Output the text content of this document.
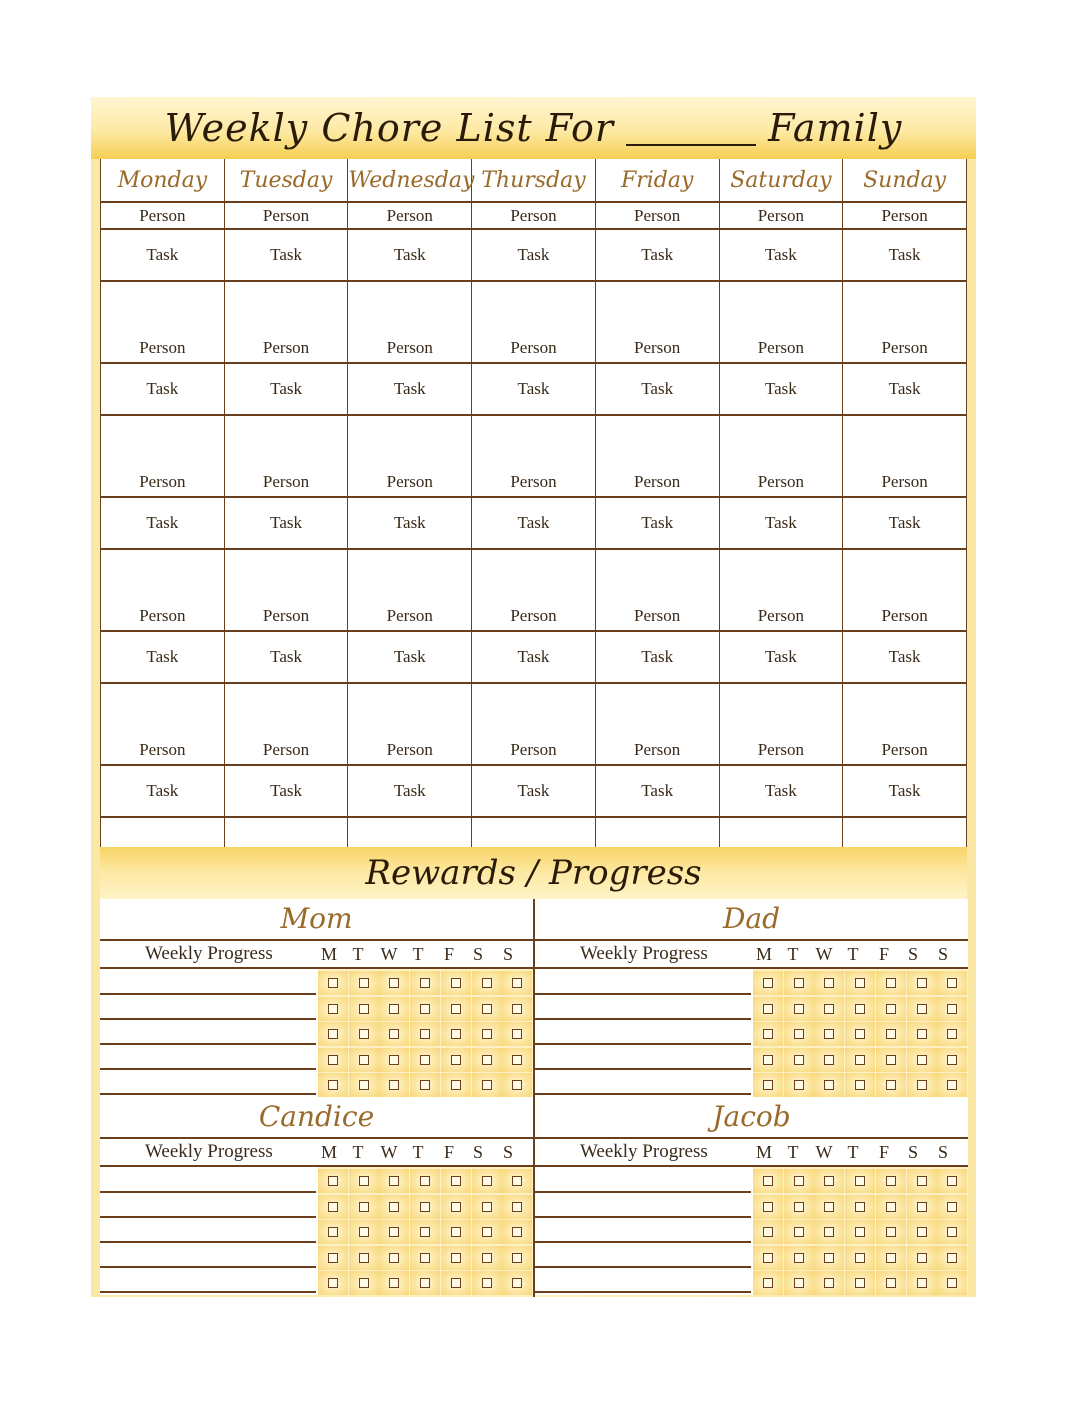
Weekly Chore List For	Family
Monday	Tuesday	Wednesday	Thursday	Friday	Saturday	Sunday
Person	Person	Person	Person	Person	Person	Person
Task	Task	Task	Task	Task	Task	Task
Person	Person	Person	Person	Person	Person	Person
Task	Task	Task	Task	Task	Task	Task
Person	Person	Person	Person	Person	Person	Person
Task	Task	Task	Task	Task	Task	Task
Person	Person	Person	Person	Person	Person	Person
Task	Task	Task	Task	Task	Task	Task
Person	Person	Person	Person	Person	Person	Person
Task	Task	Task	Task	Task	Task	Task

Rewards / Progress
Mom
Weekly Progress	M T W T F S S
Dad
Weekly Progress	M T W T F S S
Candice
Weekly Progress	M T W T F S S
Jacob
Weekly Progress	M T W T F S S
